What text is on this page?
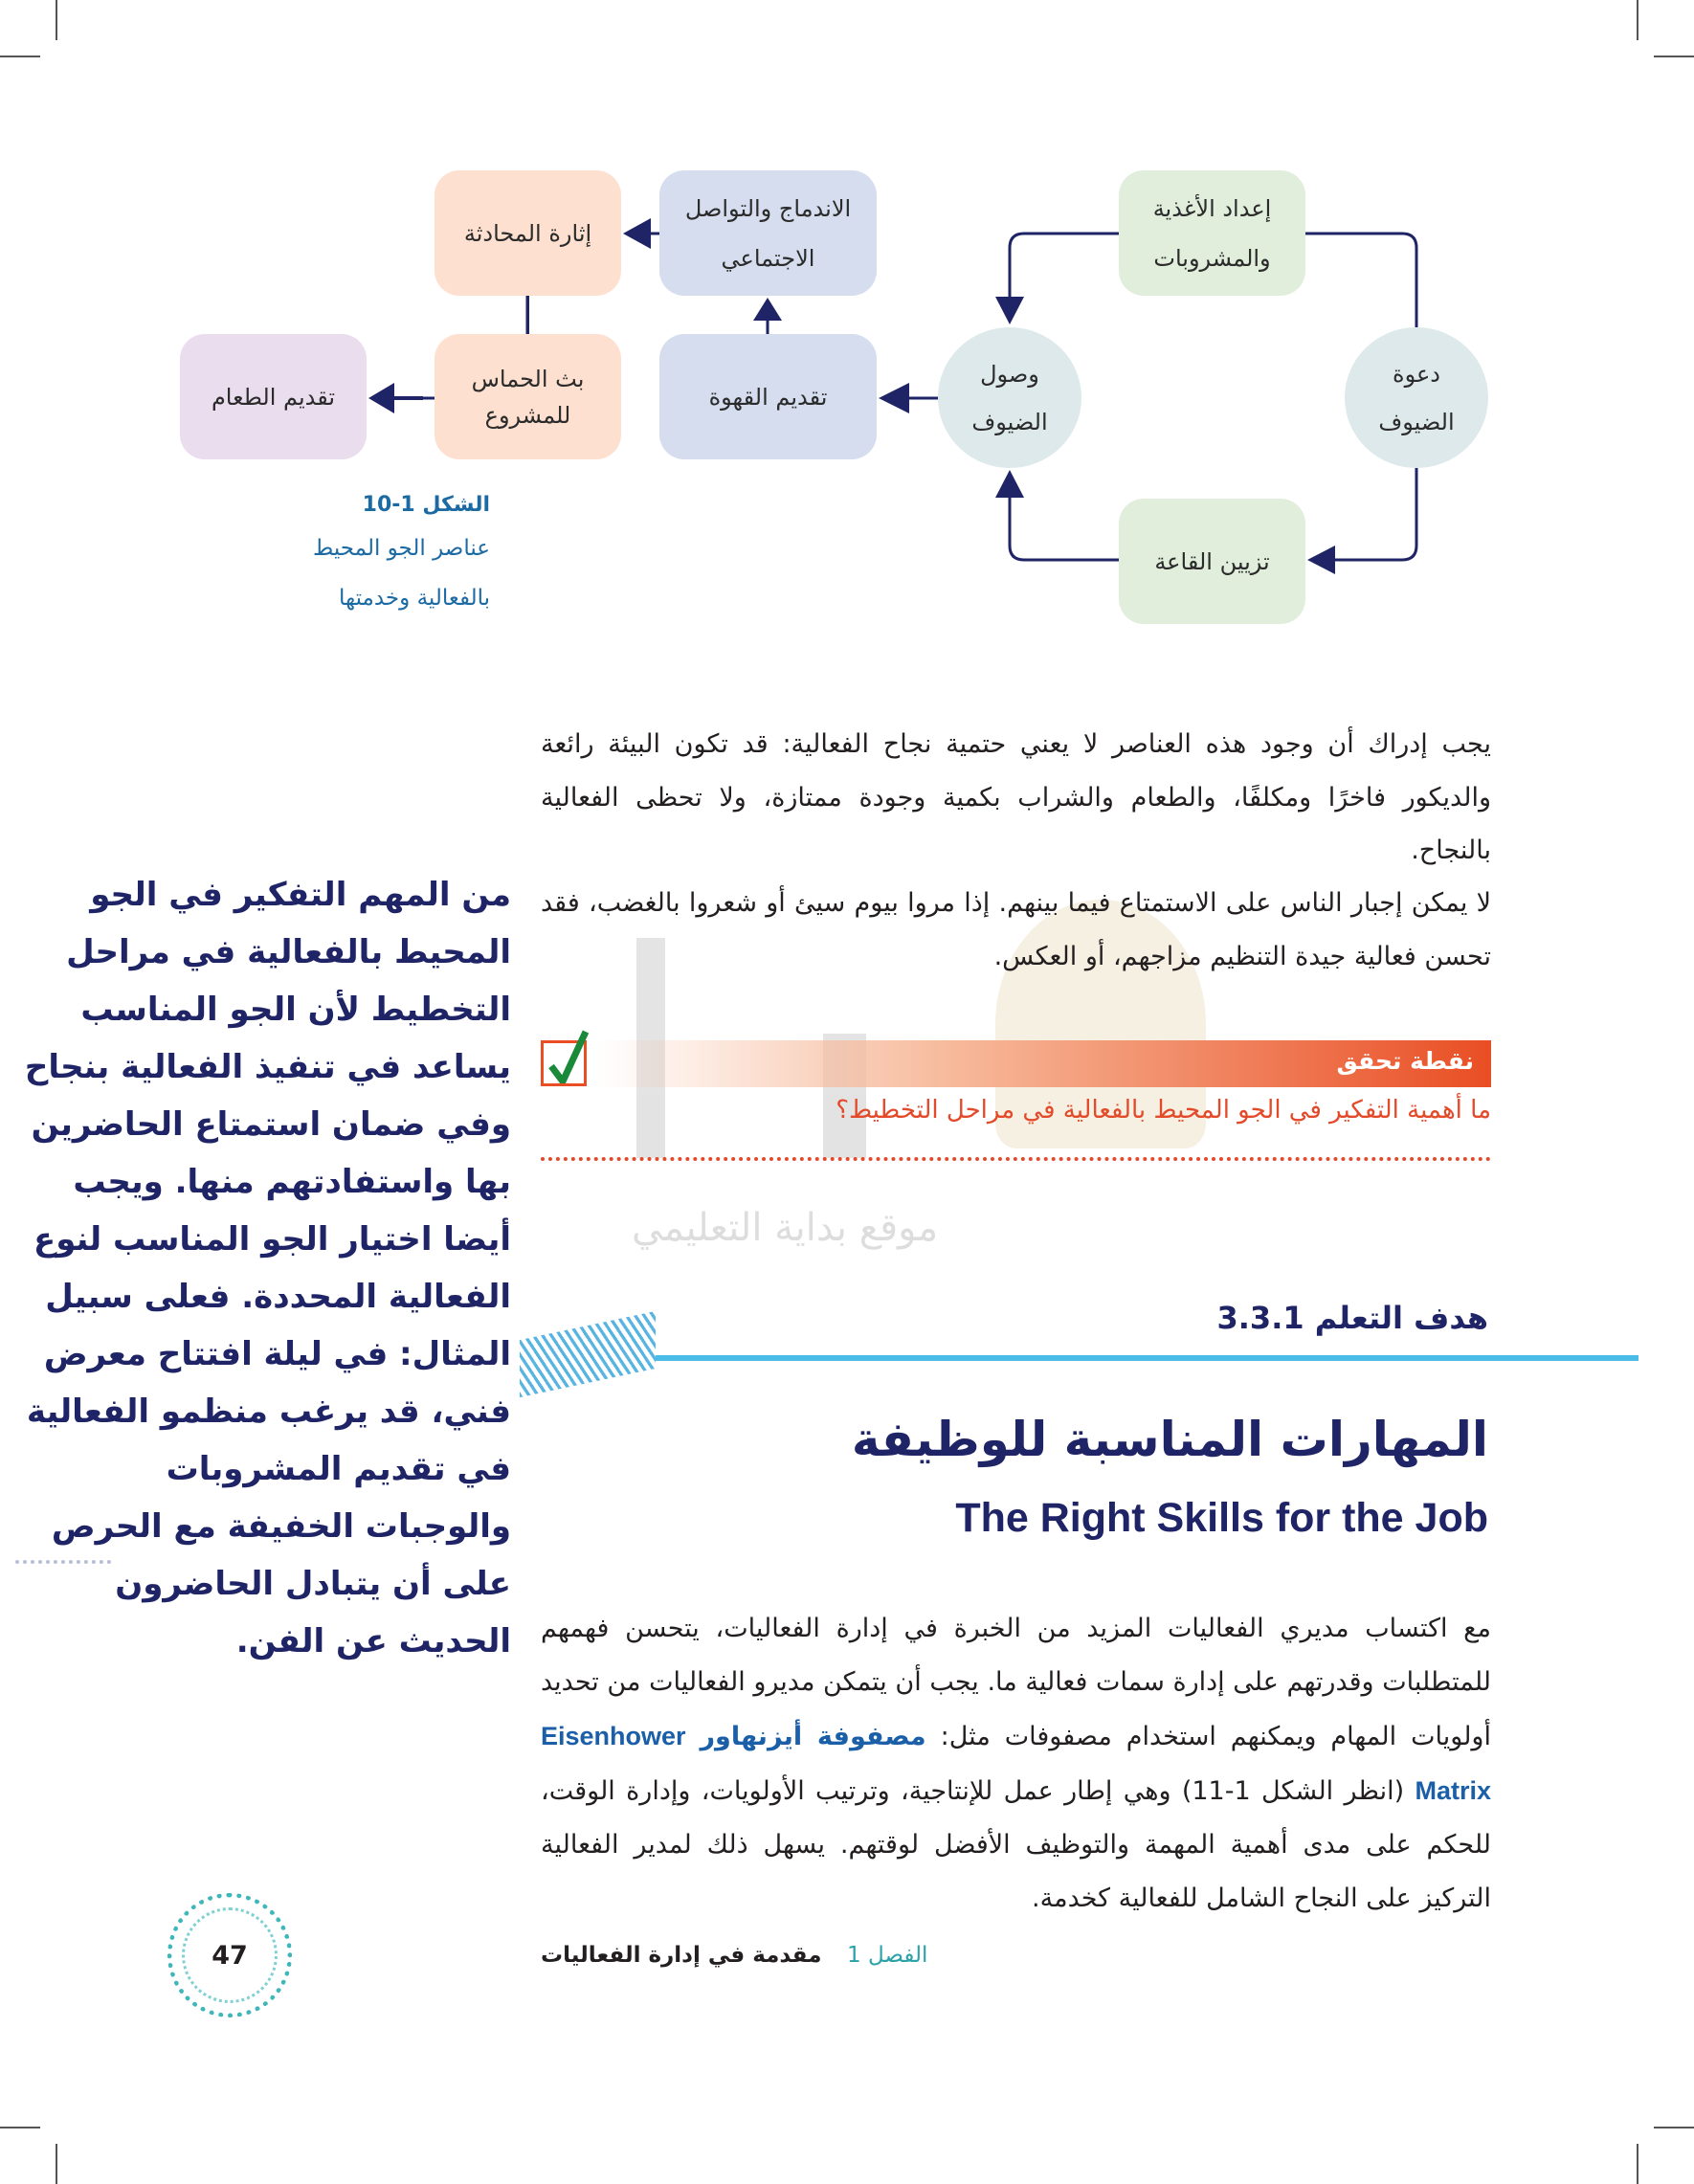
إعداد الأغذية
والمشروبات
دعوة
الضيوف
تزيين القاعة
وصول
الضيوف
تقديم القهوة
الاندماج والتواصل
الاجتماعي
إثارة المحادثة
بث الحماس
للمشروع
تقديم الطعام
الشكل 1-10
عناصر الجو المحيط
بالفعالية وخدمتها
موقع بداية التعليمي
يجب إدراك أن وجود هذه العناصر لا يعني حتمية نجاح الفعالية: قد تكون البيئة رائعة والديكور فاخرًا ومكلفًا، والطعام والشراب بكمية وجودة ممتازة، ولا تحظى الفعالية بالنجاح.
لا يمكن إجبار الناس على الاستمتاع فيما بينهم. إذا مروا بيوم سيئ أو شعروا بالغضب، فقد تحسن فعالية جيدة التنظيم مزاجهم، أو العكس.
نقطة تحقق
ما أهمية التفكير في الجو المحيط بالفعالية في مراحل التخطيط؟
من المهم التفكير في الجو المحيط بالفعالية في مراحل التخطيط لأن الجو المناسب يساعد في تنفيذ الفعالية بنجاح وفي ضمان استمتاع الحاضرين بها واستفادتهم منها. ويجب أيضا اختيار الجو المناسب لنوع الفعالية المحددة. فعلى سبيل المثال: في ليلة افتتاح معرض فني، قد يرغب منظمو الفعالية في تقديم المشروبات والوجبات الخفيفة مع الحرص على أن يتبادل الحاضرون الحديث عن الفن.
هدف التعلم 3.3.1
المهارات المناسبة للوظيفة
The Right Skills for the Job
مع اكتساب مديري الفعاليات المزيد من الخبرة في إدارة الفعاليات، يتحسن فهمهم للمتطلبات وقدرتهم على إدارة سمات فعالية ما. يجب أن يتمكن مديرو الفعاليات من تحديد أولويات المهام ويمكنهم استخدام مصفوفات مثل: مصفوفة أيزنهاور Eisenhower Matrix (انظر الشكل 1-11) وهي إطار عمل للإنتاجية، وترتيب الأولويات، وإدارة الوقت، للحكم على مدى أهمية المهمة والتوظيف الأفضل لوقتهم. يسهل ذلك لمدير الفعالية التركيز على النجاح الشامل للفعالية كخدمة.
47	الفصل 1
مقدمة في إدارة الفعاليات
